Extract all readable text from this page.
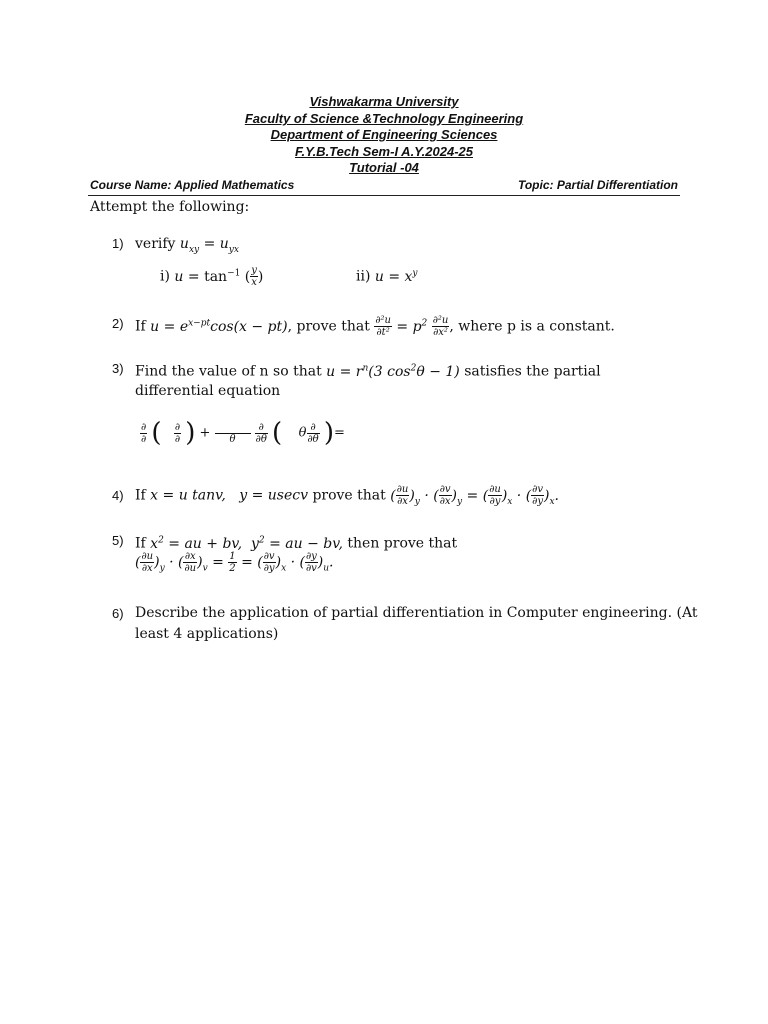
Vishwakarma University
Faculty of Science &Technology Engineering
Department of Engineering Sciences
F.Y.B.Tech Sem-I A.Y.2024-25
Tutorial -04
Course Name: Applied Mathematics	Topic: Partial Differentiation
Attempt the following:
1) verify $u_{xy} = u_{yx}$
i) $u = \tan^{-1}$ ( $\frac{y}{x}$ )	ii) $u = x^y$
2) If $u = e^{x-pt}\cos(x - pt)$, prove that $\frac{\text{∂²u}}{\text{∂t²}} = p^2 \frac{\text{∂²u}}{\text{∂x²}}$ , where p is a constant.
3) Find the value of n so that $u = r^n(3$ $\cos^2\theta - 1$) satisfies the partial
differential equation
$\frac{\partial}{\partial}$ ( $\frac{\partial}{\partial}$ ) +
	θ
	$\frac{\partial}{\partial\theta}$ (    θ $\frac{\partial}{\partial\theta}$ )=
4) If x = u tanv,   y = usecv prove that ( $\frac{\partial u}{\partial x} )_y$ · ( $\frac{\partial v}{\partial x} )_y$ = ( $\frac{\partial u}{\partial y} )_x$ · ( $\frac{\partial v}{\partial y} )_x$.
5) If $x^2$ = au + bv,  $y^2$ = au − bv, then prove that
( $\frac{\partial u}{\partial x} )_y$ · ( $\frac{\partial x}{\partial u} )_v = \frac{1}{2}$ = ( $\frac{\partial v}{\partial y} )_x$ · ( $\frac{\partial y}{\partial v} )_u$.
6) Describe the application of partial differentiation in Computer engineering. (At
least 4 applications)
